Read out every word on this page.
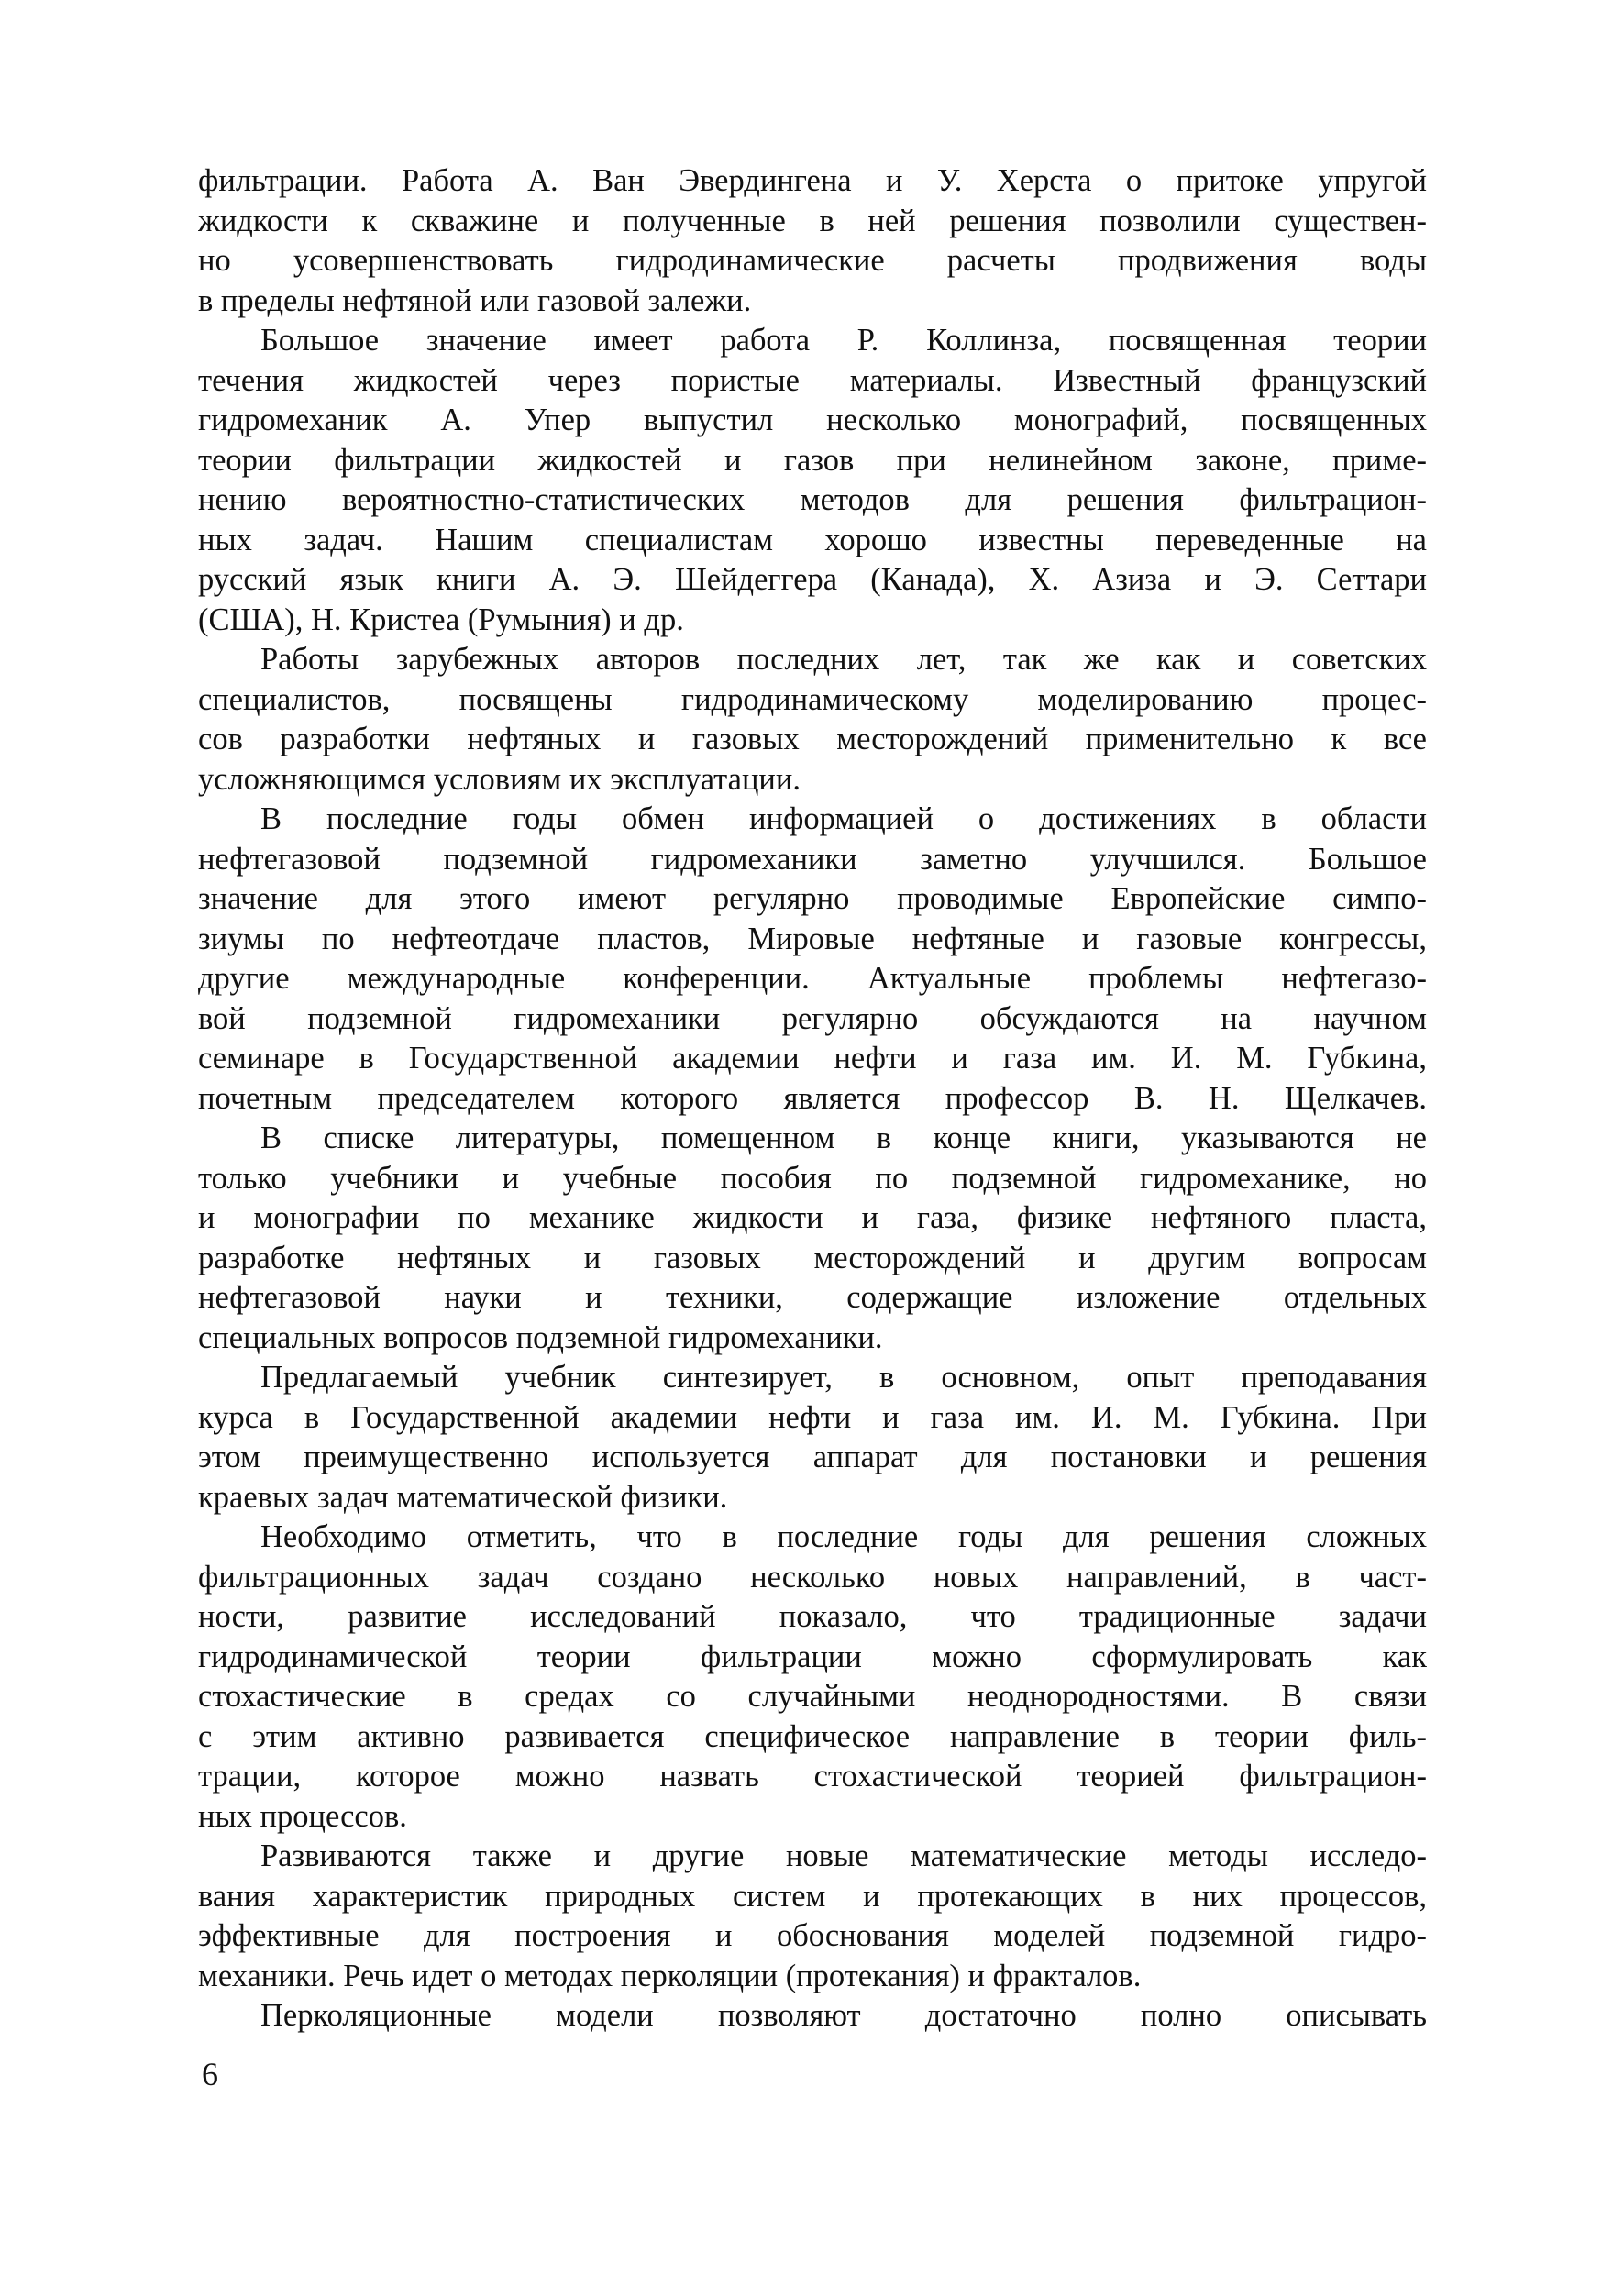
фильтрации. Работа А. Ван Эвердингена и У. Херста о притоке упругой
жидкости к скважине и полученные в ней решения позволили существен-
но усовершенствовать гидродинамические расчеты продвижения воды
в пределы нефтяной или газовой залежи.
Большое значение имеет работа Р. Коллинза, посвященная теории
течения жидкостей через пористые материалы. Известный французский
гидромеханик А. Упер выпустил несколько монографий, посвященных
теории фильтрации жидкостей и газов при нелинейном законе, приме-
нению вероятностно-статистических методов для решения фильтрацион-
ных задач. Нашим специалистам хорошо известны переведенные на
русский язык книги А. Э. Шейдеггера (Канада), Х. Азиза и Э. Сеттари
(США), Н. Кристеа (Румыния) и др.
Работы зарубежных авторов последних лет, так же как и советских
специалистов, посвящены гидродинамическому моделированию процес-
сов разработки нефтяных и газовых месторождений применительно к все
усложняющимся условиям их эксплуатации.
В последние годы обмен информацией о достижениях в области
нефтегазовой подземной гидромеханики заметно улучшился. Большое
значение для этого имеют регулярно проводимые Европейские симпо-
зиумы по нефтеотдаче пластов, Мировые нефтяные и газовые конгрессы,
другие международные конференции. Актуальные проблемы нефтегазо-
вой подземной гидромеханики регулярно обсуждаются на научном
семинаре в Государственной академии нефти и газа им. И. М. Губкина,
почетным председателем которого является профессор В. Н. Щелкачев.
В списке литературы, помещенном в конце книги, указываются не
только учебники и учебные пособия по подземной гидромеханике, но
и монографии по механике жидкости и газа, физике нефтяного пласта,
разработке нефтяных и газовых месторождений и другим вопросам
нефтегазовой науки и техники, содержащие изложение отдельных
специальных вопросов подземной гидромеханики.
Предлагаемый учебник синтезирует, в основном, опыт преподавания
курса в Государственной академии нефти и газа им. И. М. Губкина. При
этом преимущественно используется аппарат для постановки и решения
краевых задач математической физики.
Необходимо отметить, что в последние годы для решения сложных
фильтрационных задач создано несколько новых направлений, в част-
ности, развитие исследований показало, что традиционные задачи
гидродинамической теории фильтрации можно сформулировать как
стохастические в средах со случайными неоднородностями. В связи
с этим активно развивается специфическое направление в теории филь-
трации, которое можно назвать стохастической теорией фильтрацион-
ных процессов.
Развиваются также и другие новые математические методы исследо-
вания характеристик природных систем и протекающих в них процессов,
эффективные для построения и обоснования моделей подземной гидро-
механики. Речь идет о методах перколяции (протекания) и фракталов.
Перколяционные модели позволяют достаточно полно описывать
6
